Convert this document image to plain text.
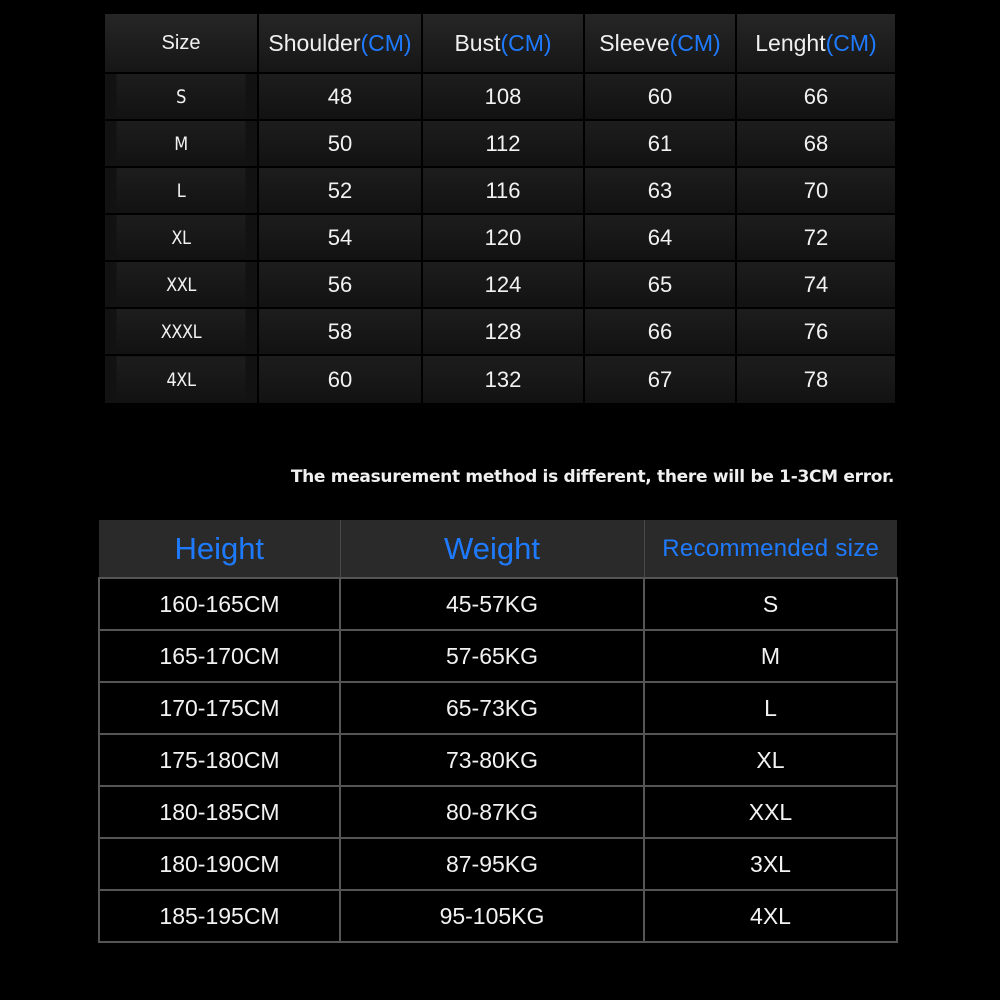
Size	Shoulder(CM)	Bust(CM)	Sleeve(CM)	Lenght(CM)
S	48	108	60	66
M	50	112	61	68
L	52	116	63	70
XL	54	120	64	72
XXL	56	124	65	74
XXXL	58	128	66	76
4XL	60	132	67	78
The measurement method is different, there will be 1-3CM error.
Height	Weight	Recommended size
160-165CM	45-57KG	S
165-170CM	57-65KG	M
170-175CM	65-73KG	L
175-180CM	73-80KG	XL
180-185CM	80-87KG	XXL
180-190CM	87-95KG	3XL
185-195CM	95-105KG	4XL
